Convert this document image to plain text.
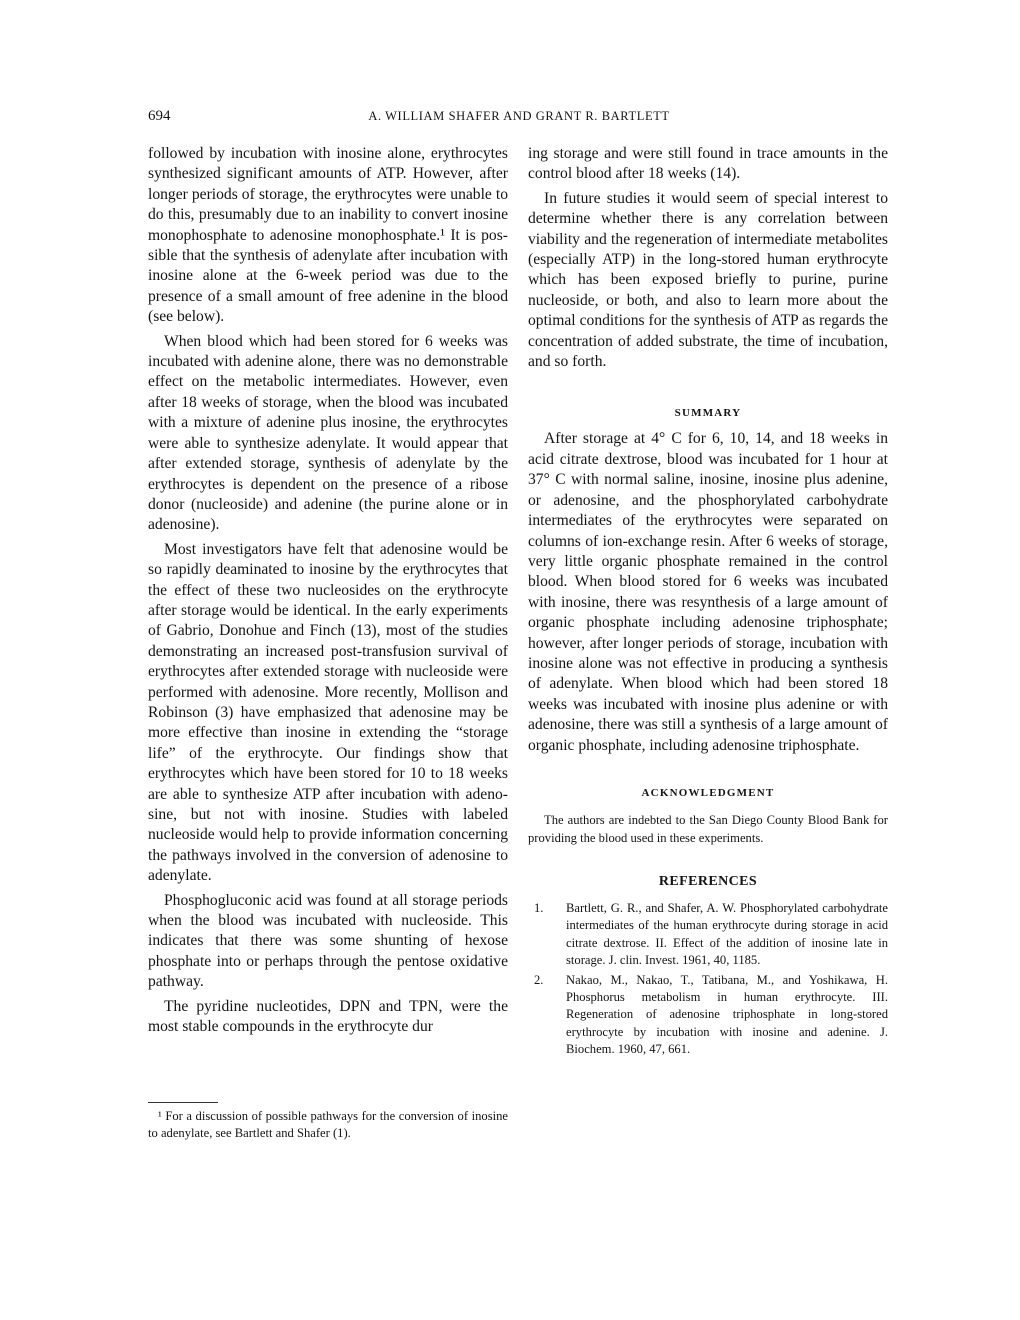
694	A. WILLIAM SHAFER AND GRANT R. BARTLETT

followed by incubation with inosine alone, erythrocytes synthesized significant amounts of ATP. However, after longer periods of storage, the erythrocytes were unable to do this, presumably due to an inability to convert inosine monophosphate to adenosine monophosphate.¹ It is possible that the synthesis of adenylate after incubation with inosine alone at the 6-week period was due to the presence of a small amount of free adenine in the blood (see below).

When blood which had been stored for 6 weeks was incubated with adenine alone, there was no demonstrable effect on the metabolic intermediates. However, even after 18 weeks of storage, when the blood was incubated with a mixture of adenine plus inosine, the erythrocytes were able to synthesize adenylate. It would appear that after extended storage, synthesis of adenylate by the erythrocytes is dependent on the presence of a ribose donor (nucleoside) and adenine (the purine alone or in adenosine).

Most investigators have felt that adenosine would be so rapidly deaminated to inosine by the erythrocytes that the effect of these two nucleosides on the erythrocyte after storage would be identical. In the early experiments of Gabrio, Donohue and Finch (13), most of the studies demonstrating an increased post-transfusion survival of erythrocytes after extended storage with nucleoside were performed with adenosine. More recently, Mollison and Robinson (3) have emphasized that adenosine may be more effective than inosine in extending the “storage life” of the erythrocyte. Our findings show that erythrocytes which have been stored for 10 to 18 weeks are able to synthesize ATP after incubation with adenosine, but not with inosine. Studies with labeled nucleoside would help to provide information concerning the pathways involved in the conversion of adenosine to adenylate.

Phosphogluconic acid was found at all storage periods when the blood was incubated with nucleoside. This indicates that there was some shunting of hexose phosphate into or perhaps through the pentose oxidative pathway.

The pyridine nucleotides, DPN and TPN, were the most stable compounds in the erythrocyte dur

¹ For a discussion of possible pathways for the conversion of inosine to adenylate, see Bartlett and Shafer (1).

ing storage and were still found in trace amounts in the control blood after 18 weeks (14).

In future studies it would seem of special interest to determine whether there is any correlation between viability and the regeneration of intermediate metabolites (especially ATP) in the long-stored human erythrocyte which has been exposed briefly to purine, purine nucleoside, or both, and also to learn more about the optimal conditions for the synthesis of ATP as regards the concentration of added substrate, the time of incubation, and so forth.

SUMMARY

After storage at 4° C for 6, 10, 14, and 18 weeks in acid citrate dextrose, blood was incubated for 1 hour at 37° C with normal saline, inosine, inosine plus adenine, or adenosine, and the phosphorylated carbohydrate intermediates of the erythrocytes were separated on columns of ion-exchange resin. After 6 weeks of storage, very little organic phosphate remained in the control blood. When blood stored for 6 weeks was incubated with inosine, there was resynthesis of a large amount of organic phosphate including adenosine triphosphate; however, after longer periods of storage, incubation with inosine alone was not effective in producing a synthesis of adenylate. When blood which had been stored 18 weeks was incubated with inosine plus adenine or with adenosine, there was still a synthesis of a large amount of organic phosphate, including adenosine triphosphate.

ACKNOWLEDGMENT

The authors are indebted to the San Diego County Blood Bank for providing the blood used in these experiments.

REFERENCES
1. Bartlett, G. R., and Shafer, A. W. Phosphorylated carbohydrate intermediates of the human erythrocyte during storage in acid citrate dextrose. II. Effect of the addition of inosine late in storage. J. clin. Invest. 1961, 40, 1185.
2. Nakao, M., Nakao, T., Tatibana, M., and Yoshikawa, H. Phosphorus metabolism in human erythrocyte. III. Regeneration of adenosine triphosphate in long-stored erythrocyte by incubation with inosine and adenine. J. Biochem. 1960, 47, 661.
